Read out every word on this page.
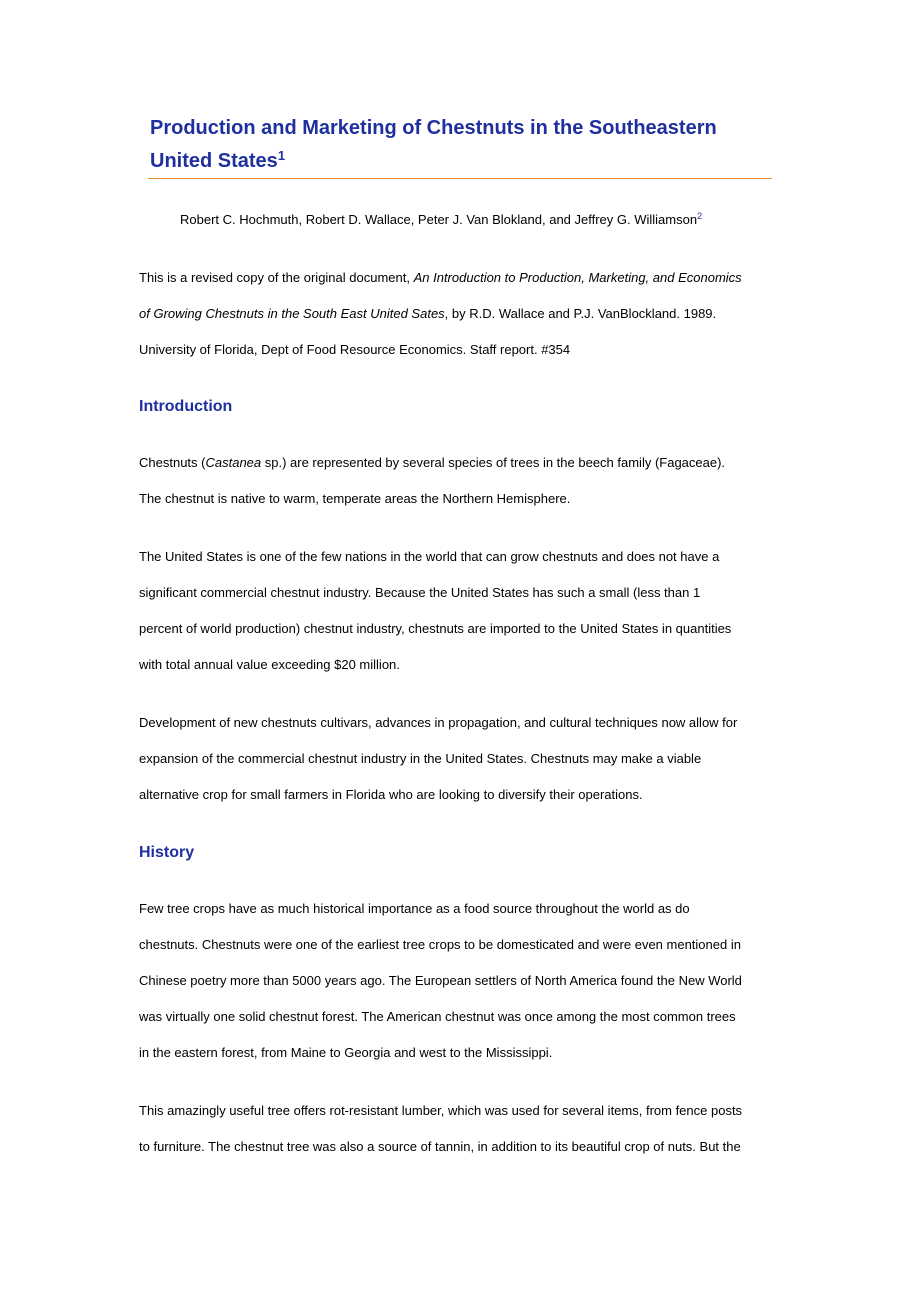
Production and Marketing of Chestnuts in the Southeastern
United States$^1$
Robert C. Hochmuth, Robert D. Wallace, Peter J. Van Blokland, and Jeffrey G. Williamson$^2$

This is a revised copy of the original document, An Introduction to Production, Marketing, and Economics
of Growing Chestnuts in the South East United Sates, by R.D. Wallace and P.J. VanBlockland. 1989.
University of Florida, Dept of Food Resource Economics. Staff report. #354

Introduction

Chestnuts (Castanea sp.) are represented by several species of trees in the beech family (Fagaceae).
The chestnut is native to warm, temperate areas the Northern Hemisphere.

The United States is one of the few nations in the world that can grow chestnuts and does not have a
significant commercial chestnut industry. Because the United States has such a small (less than 1
percent of world production) chestnut industry, chestnuts are imported to the United States in quantities
with total annual value exceeding $20 million.

Development of new chestnuts cultivars, advances in propagation, and cultural techniques now allow for
expansion of the commercial chestnut industry in the United States. Chestnuts may make a viable
alternative crop for small farmers in Florida who are looking to diversify their operations.

History

Few tree crops have as much historical importance as a food source throughout the world as do
chestnuts. Chestnuts were one of the earliest tree crops to be domesticated and were even mentioned in
Chinese poetry more than 5000 years ago. The European settlers of North America found the New World
was virtually one solid chestnut forest. The American chestnut was once among the most common trees
in the eastern forest, from Maine to Georgia and west to the Mississippi.

This amazingly useful tree offers rot-resistant lumber, which was used for several items, from fence posts
to furniture. The chestnut tree was also a source of tannin, in addition to its beautiful crop of nuts. But the
